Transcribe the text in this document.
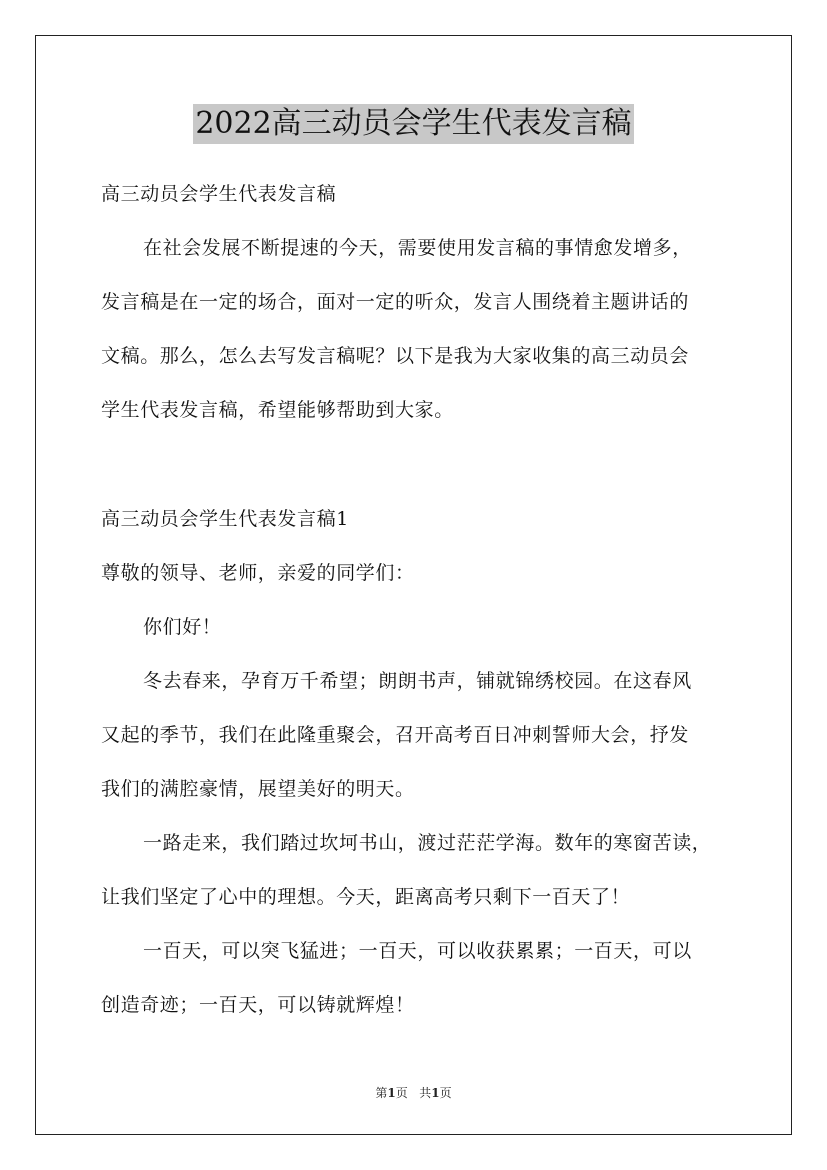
2022高三动员会学生代表发言稿
高三动员会学生代表发言稿
在社会发展不断提速的今天，需要使用发言稿的事情愈发增多，
发言稿是在一定的场合，面对一定的听众，发言人围绕着主题讲话的
文稿。那么，怎么去写发言稿呢？以下是我为大家收集的高三动员会
学生代表发言稿，希望能够帮助到大家。
高三动员会学生代表发言稿1
尊敬的领导、老师，亲爱的同学们：
你们好！
冬去春来，孕育万千希望；朗朗书声，铺就锦绣校园。在这春风
又起的季节，我们在此隆重聚会，召开高考百日冲刺誓师大会，抒发
我们的满腔豪情，展望美好的明天。
一路走来，我们踏过坎坷书山，渡过茫茫学海。数年的寒窗苦读，
让我们坚定了心中的理想。今天，距离高考只剩下一百天了！
一百天，可以突飞猛进；一百天，可以收获累累；一百天，可以
创造奇迹；一百天，可以铸就辉煌！
第1页 共1页
